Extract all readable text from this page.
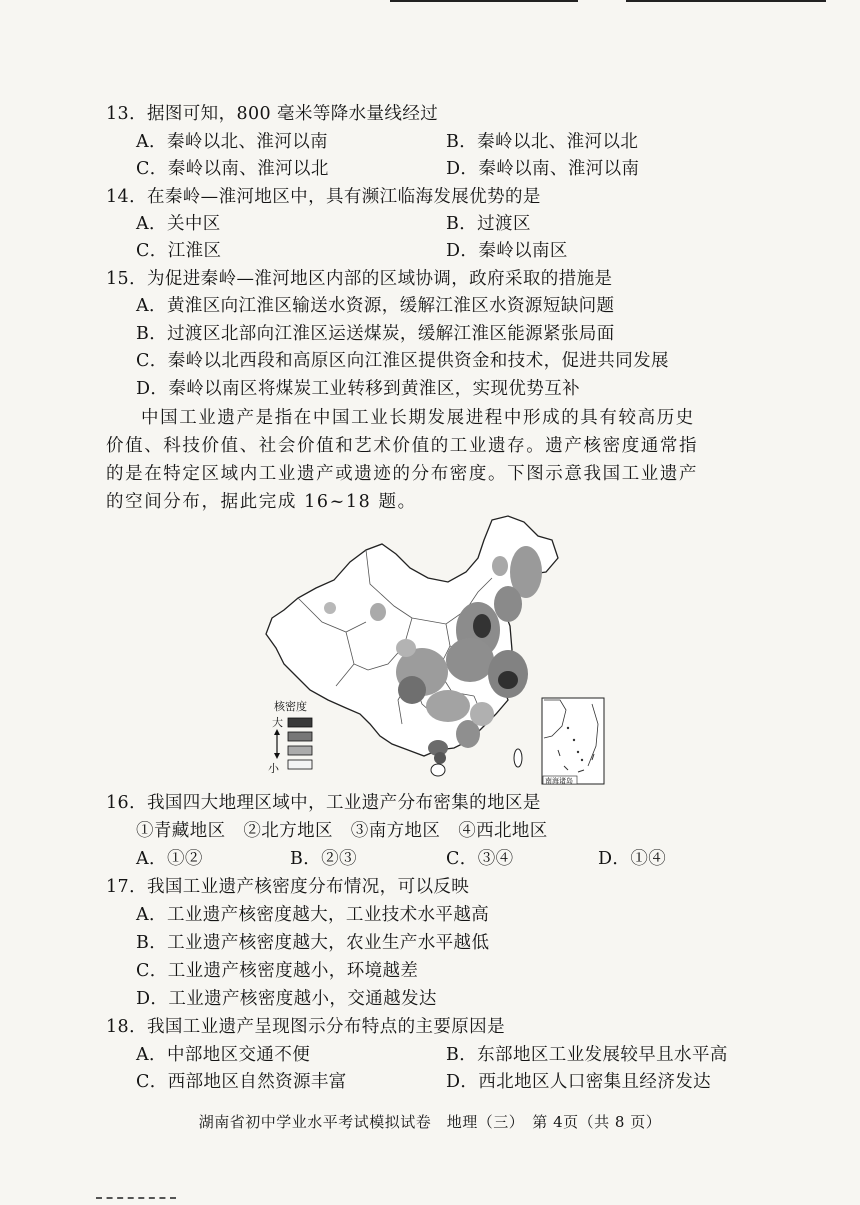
13．据图可知，800 毫米等降水量线经过
A．秦岭以北、淮河以南	B．秦岭以北、淮河以北
C．秦岭以南、淮河以北	D．秦岭以南、淮河以南
14．在秦岭—淮河地区中，具有濒江临海发展优势的是
A．关中区	B．过渡区
C．江淮区	D．秦岭以南区
15．为促进秦岭—淮河地区内部的区域协调，政府采取的措施是
A．黄淮区向江淮区输送水资源，缓解江淮区水资源短缺问题
B．过渡区北部向江淮区运送煤炭，缓解江淮区能源紧张局面
C．秦岭以北西段和高原区向江淮区提供资金和技术，促进共同发展
D．秦岭以南区将煤炭工业转移到黄淮区，实现优势互补

中国工业遗产是指在中国工业长期发展进程中形成的具有较高历史

价值、科技价值、社会价值和艺术价值的工业遗存。遗产核密度通常指

的是在特定区域内工业遗产或遗迹的分布密度。下图示意我国工业遗产

的空间分布，据此完成 16~18 题。

核密度
大
小
南海诸岛
16．我国四大地理区域中，工业遗产分布密集的地区是
①青藏地区　②北方地区　③南方地区　④西北地区
A．①②	B．②③	C．③④	D．①④
17．我国工业遗产核密度分布情况，可以反映
A．工业遗产核密度越大，工业技术水平越高
B．工业遗产核密度越大，农业生产水平越低
C．工业遗产核密度越小，环境越差
D．工业遗产核密度越小，交通越发达
18．我国工业遗产呈现图示分布特点的主要原因是
A．中部地区交通不便	B．东部地区工业发展较早且水平高
C．西部地区自然资源丰富	D．西北地区人口密集且经济发达
湖南省初中学业水平考试模拟试卷　地理（三）　第 4页（共 8 页）
